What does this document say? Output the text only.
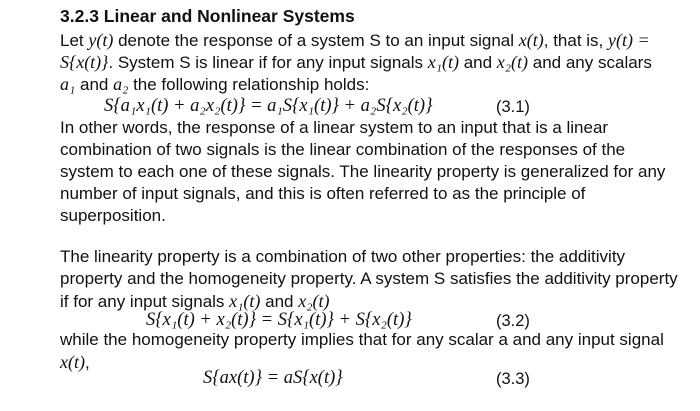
3.2.3 Linear and Nonlinear Systems
Let y(t) denote the response of a system S to an input signal x(t), that is, y(t) =
S{x(t)}. System S is linear if for any input signals x₁(t) and x₂(t) and any scalars
a₁ and a₂ the following relationship holds:
S{a₁x₁(t) + a₂x₂(t)} = a₁S{x₁(t)} + a₂S{x₂(t)}	(3.1)
In other words, the response of a linear system to an input that is a linear
combination of two signals is the linear combination of the responses of the
system to each one of these signals. The linearity property is generalized for any
number of input signals, and this is often referred to as the principle of
superposition.
The linearity property is a combination of two other properties: the additivity
property and the homogeneity property. A system S satisfies the additivity property
if for any input signals x₁(t) and x₂(t)
S{x₁(t) + x₂(t)} = S{x₁(t)} + S{x₂(t)}	(3.2)
while the homogeneity property implies that for any scalar a and any input signal
x(t),
S{ax(t)} = aS{x(t)}	(3.3)
